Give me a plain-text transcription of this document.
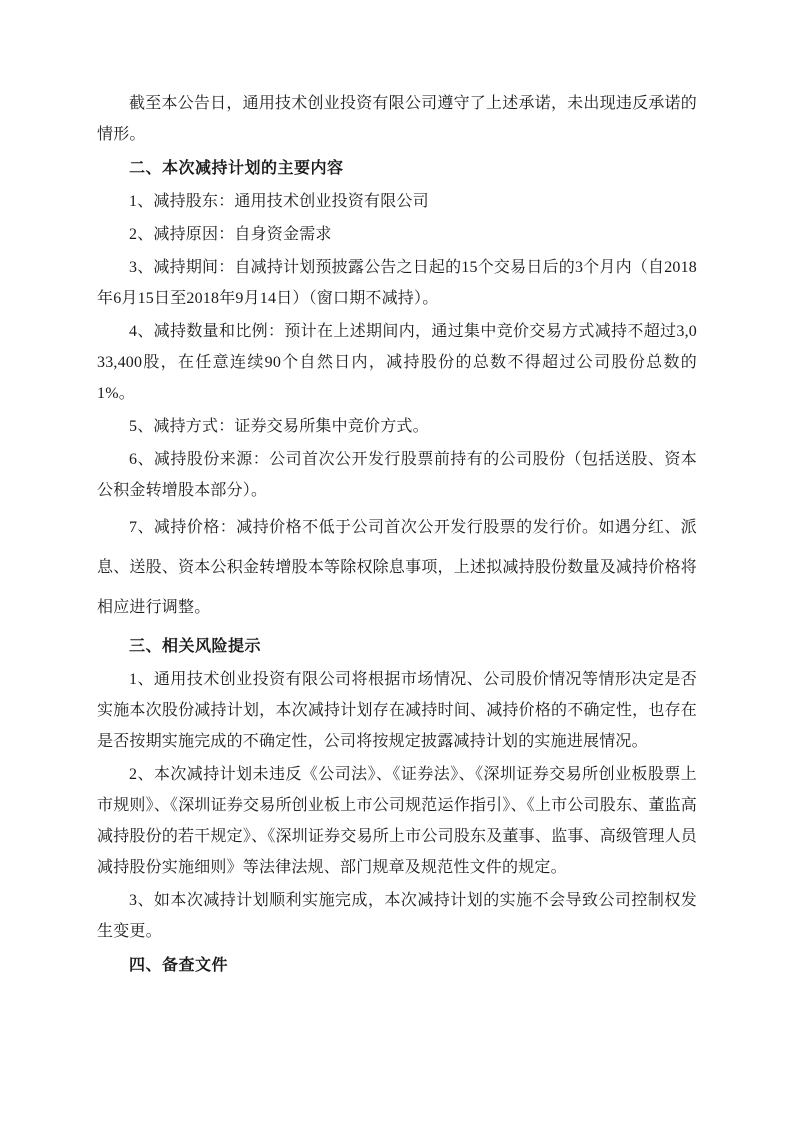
截至本公告日，通用技术创业投资有限公司遵守了上述承诺，未出现违反承诺的情形。

二、本次减持计划的主要内容

1、减持股东：通用技术创业投资有限公司

2、减持原因：自身资金需求

3、减持期间：自减持计划预披露公告之日起的15个交易日后的3个月内（自2018年6月15日至2018年9月14日）（窗口期不减持）。

4、减持数量和比例：预计在上述期间内，通过集中竞价交易方式减持不超过3,033,400股，在任意连续90个自然日内，减持股份的总数不得超过公司股份总数的1%。

5、减持方式：证券交易所集中竞价方式。

6、减持股份来源：公司首次公开发行股票前持有的公司股份（包括送股、资本公积金转增股本部分）。

7、减持价格：减持价格不低于公司首次公开发行股票的发行价。如遇分红、派息、送股、资本公积金转增股本等除权除息事项，上述拟减持股份数量及减持价格将相应进行调整。

三、相关风险提示

1、通用技术创业投资有限公司将根据市场情况、公司股价情况等情形决定是否实施本次股份减持计划，本次减持计划存在减持时间、减持价格的不确定性，也存在是否按期实施完成的不确定性，公司将按规定披露减持计划的实施进展情况。

2、本次减持计划未违反《公司法》、《证券法》、《深圳证券交易所创业板股票上市规则》、《深圳证券交易所创业板上市公司规范运作指引》、《上市公司股东、董监高减持股份的若干规定》、《深圳证券交易所上市公司股东及董事、监事、高级管理人员减持股份实施细则》等法律法规、部门规章及规范性文件的规定。

3、如本次减持计划顺利实施完成，本次减持计划的实施不会导致公司控制权发生变更。

四、备查文件
